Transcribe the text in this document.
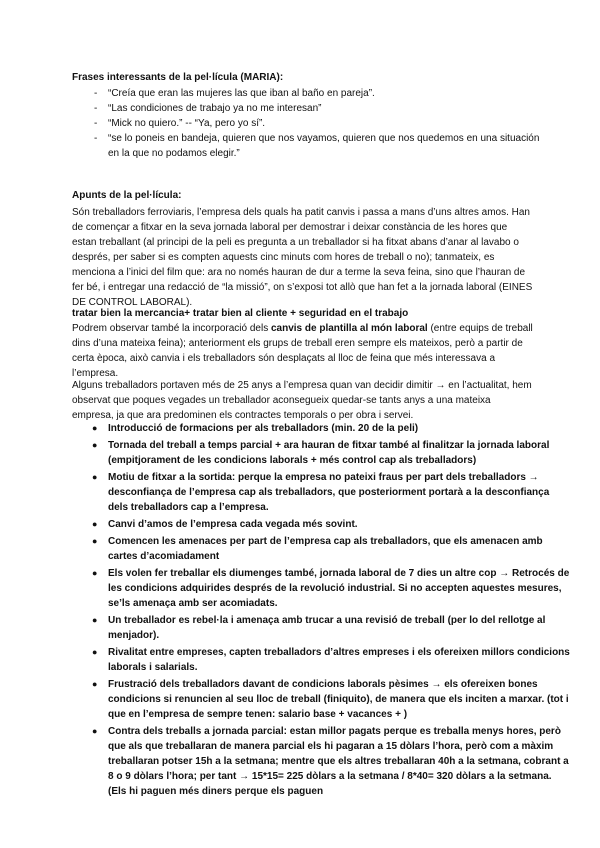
Frases interessants de la pel·lícula (MARIA):
-	“Creía que eran las mujeres las que iban al baño en pareja”.
-	“Las condiciones de trabajo ya no me interesan”
-	“Mick no quiero.” -- “Ya, pero yo sí”.
-	“se lo poneis en bandeja, quieren que nos vayamos, quieren que nos quedemos en una situación en la que no podamos elegir.”
Apunts de la pel·lícula:
Són treballadors ferroviaris, l’empresa dels quals ha patit canvis i passa a mans d’uns altres amos. Han de començar a fitxar en la seva jornada laboral per demostrar i deixar constància de les hores que estan treballant (al principi de la peli es pregunta a un treballador si ha fitxat abans d’anar al lavabo o després, per saber si es compten aquests cinc minuts com hores de treball o no); tanmateix, es menciona a l’inici del film que: ara no només hauran de dur a terme la seva feina, sino que l’hauran de fer bé, i entregar una redacció de “la missió”, on s’exposi tot allò que han fet a la jornada laboral (EINES DE CONTROL LABORAL).
tratar bien la mercancia+ tratar bien al cliente + seguridad en el trabajo
Podrem observar també la incorporació dels canvis de plantilla al món laboral (entre equips de treball dins d’una mateixa feina); anteriorment els grups de treball eren sempre els mateixos, però a partir de certa època, això canvia i els treballadors són desplaçats al lloc de feina que més interessava a l’empresa.
Alguns treballadors portaven més de 25 anys a l’empresa quan van decidir dimitir → en l’actualitat, hem observat que poques vegades un treballador aconsegueix quedar-se tants anys a una mateixa empresa, ja que ara predominen els contractes temporals o per obra i servei.
●	Introducció de formacions per als treballadors (min. 20 de la peli)
●	Tornada del treball a temps parcial + ara hauran de fitxar també al finalitzar la jornada laboral (empitjorament de les condicions laborals + més control cap als treballadors)
●	Motiu de fitxar a la sortida: perque la empresa no pateixi fraus per part dels treballadors → desconfiança de l’empresa cap als treballadors, que posteriorment portarà a la desconfiança dels treballadors cap a l’empresa.
●	Canvi d’amos de l’empresa cada vegada més sovint.
●	Comencen les amenaces per part de l’empresa cap als treballadors, que els amenacen amb cartes d’acomiadament
●	Els volen fer treballar els diumenges també, jornada laboral de 7 dies un altre cop → Retrocés de les condicions adquirides després de la revolució industrial. Si no accepten aquestes mesures, se’ls amenaça amb ser acomiadats.
●	Un treballador es rebel·la i amenaça amb trucar a una revisió de treball (per lo del rellotge al menjador).
●	Rivalitat entre empreses, capten treballadors d’altres empreses i els ofereixen millors condicions laborals i salarials.
●	Frustració dels treballadors davant de condicions laborals pèsimes → els ofereixen bones condicions si renuncien al seu lloc de treball (finiquito), de manera que els inciten a marxar. (tot i que en l’empresa de sempre tenen: salario base + vacances + )
●	Contra dels treballs a jornada parcial: estan millor pagats perque es treballa menys hores, però que als que treballaran de manera parcial els hi pagaran a 15 dòlars l’hora, però com a màxim treballaran potser 15h a la setmana; mentre que els altres treballaran 40h a la setmana, cobrant a 8 o 9 dòlars l’hora; per tant → 15*15= 225 dòlars a la setmana / 8*40= 320 dòlars a la setmana. (Els hi paguen més diners perque els paguen
